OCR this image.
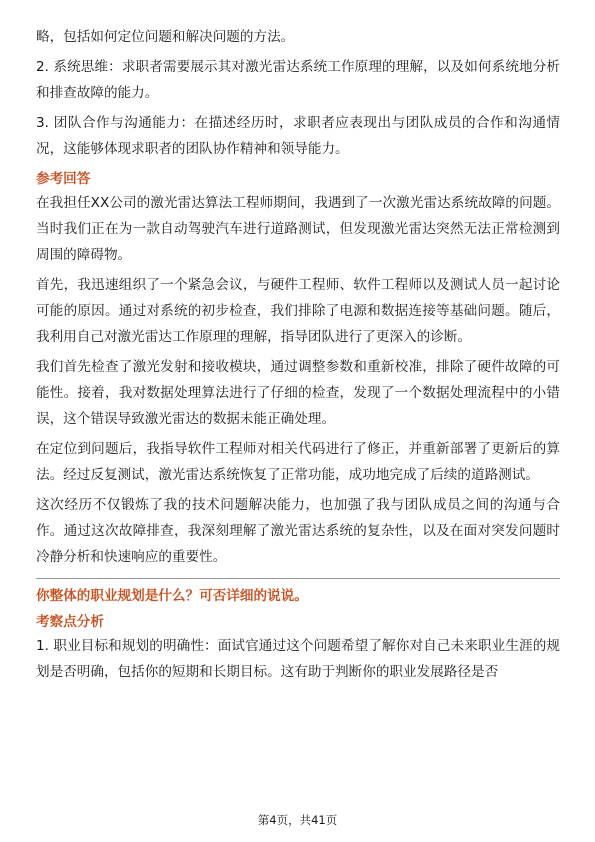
略，包括如何定位问题和解决问题的方法。

2. 系统思维：求职者需要展示其对激光雷达系统工作原理的理解，以及如何系统地分析和排查故障的能力。

3. 团队合作与沟通能力：在描述经历时，求职者应表现出与团队成员的合作和沟通情况，这能够体现求职者的团队协作精神和领导能力。

参考回答

在我担任XX公司的激光雷达算法工程师期间，我遇到了一次激光雷达系统故障的问题。当时我们正在为一款自动驾驶汽车进行道路测试，但发现激光雷达突然无法正常检测到周围的障碍物。

首先，我迅速组织了一个紧急会议，与硬件工程师、软件工程师以及测试人员一起讨论可能的原因。通过对系统的初步检查，我们排除了电源和数据连接等基础问题。随后，我利用自己对激光雷达工作原理的理解，指导团队进行了更深入的诊断。

我们首先检查了激光发射和接收模块，通过调整参数和重新校准，排除了硬件故障的可能性。接着，我对数据处理算法进行了仔细的检查，发现了一个数据处理流程中的小错误，这个错误导致激光雷达的数据未能正确处理。

在定位到问题后，我指导软件工程师对相关代码进行了修正，并重新部署了更新后的算法。经过反复测试，激光雷达系统恢复了正常功能，成功地完成了后续的道路测试。

这次经历不仅锻炼了我的技术问题解决能力，也加强了我与团队成员之间的沟通与合作。通过这次故障排查，我深刻理解了激光雷达系统的复杂性，以及在面对突发问题时冷静分析和快速响应的重要性。

你整体的职业规划是什么？可否详细的说说。
考察点分析

1. 职业目标和规划的明确性：面试官通过这个问题希望了解你对自己未来职业生涯的规划是否明确，包括你的短期和长期目标。这有助于判断你的职业发展路径是否

第4页，共41页
